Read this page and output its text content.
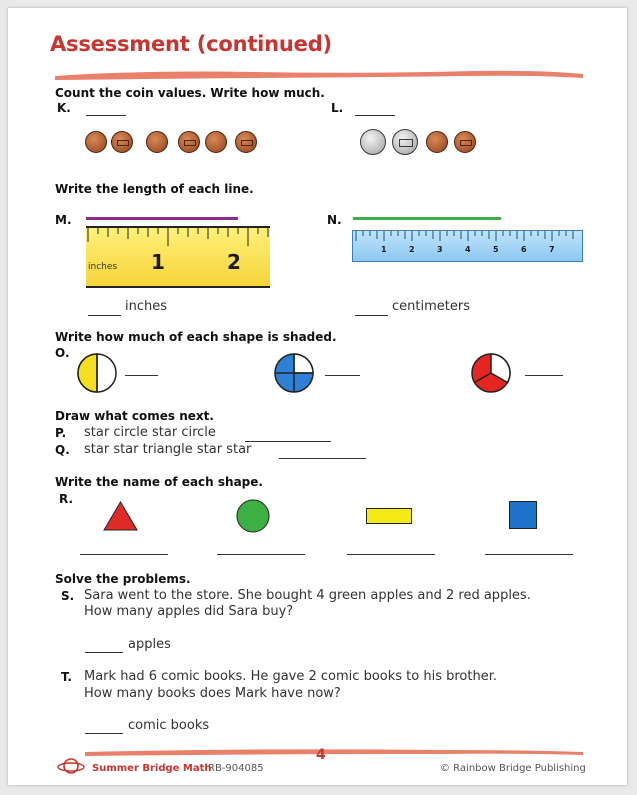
Assessment (continued)
Count the coin values. Write how much.
K.	L.
Write the length of each line.
M.
inches 1	2
inches
N.
1	2	3	4	5	6	7
centimeters
Write how much of each shape is shaded.
O.
Draw what comes next.
P. star circle star circle
Q. star star triangle star star
Write the name of each shape.
R.
Solve the problems.
S. Sara went to the store. She bought 4 green apples and 2 red apples.
How many apples did Sara buy?
apples
T. Mark had 6 comic books. He gave 2 comic books to his brother.
How many books does Mark have now?
comic books
Summer Bridge Math
RB-904085
4
© Rainbow Bridge Publishing
